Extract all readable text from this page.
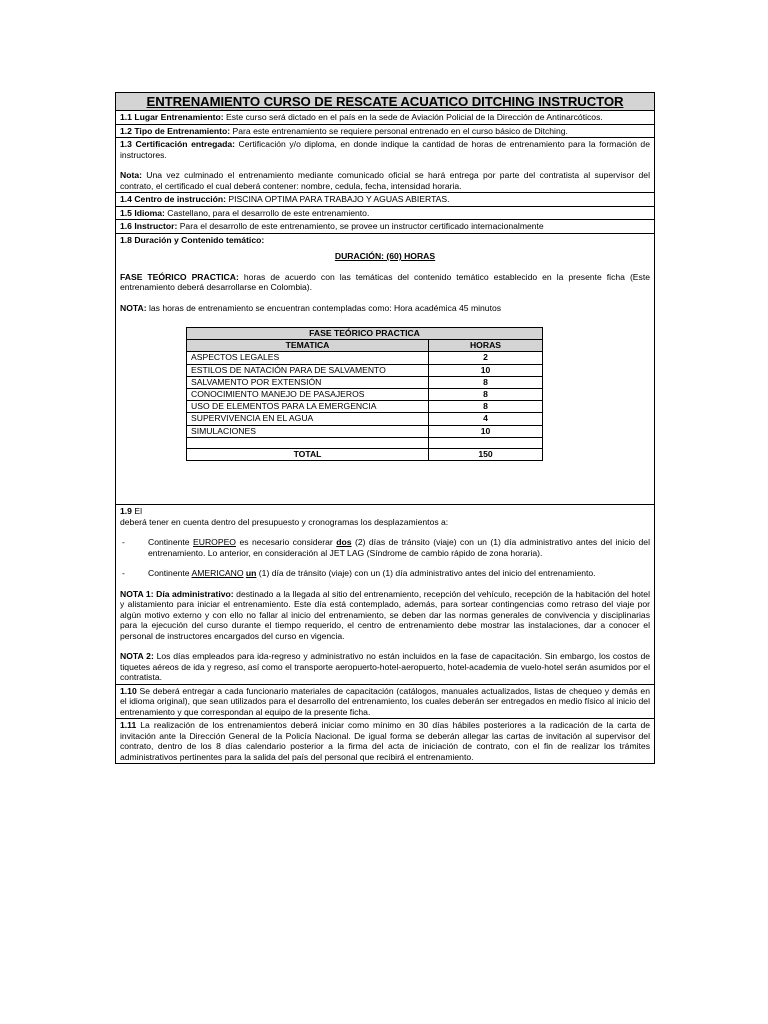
ENTRENAMIENTO CURSO DE RESCATE ACUATICO DITCHING INSTRUCTOR
1.1 Lugar Entrenamiento: Este curso será dictado en el país en la sede de Aviación Policial de la Dirección de Antinarcóticos.
1.2 Tipo de Entrenamiento: Para este entrenamiento se requiere personal entrenado en el curso básico de Ditching.

1.3 Certificación entregada: Certificación y/o diploma, en donde indique la cantidad de horas de entrenamiento para la formación de instructores.

Nota: Una vez culminado el entrenamiento mediante comunicado oficial se hará entrega por parte del contratista al supervisor del contrato, el certificado el cual deberá contener: nombre, cedula, fecha, intensidad horaria.

1.4 Centro de instrucción: PISCINA OPTIMA PARA TRABAJO Y AGUAS ABIERTAS.
1.5 Idioma: Castellano, para el desarrollo de este entrenamiento.
1.6 Instructor: Para el desarrollo de este entrenamiento, se provee un instructor certificado internacionalmente

1.8 Duración y Contenido temático:

DURACIÓN: (60) HORAS

FASE TEÓRICO PRACTICA: horas de acuerdo con las temáticas del contenido temático establecido en la presente ficha (Este entrenamiento deberá desarrollarse en Colombia).

NOTA: las horas de entrenamiento se encuentran contempladas como: Hora académica 45 minutos

FASE TEÓRICO PRACTICA	
TEMATICA	HORAS
ASPECTOS LEGALES	2
ESTILOS DE NATACIÓN PARA DE SALVAMENTO	10
SALVAMENTO POR EXTENSIÓN	8
CONOCIMIENTO MANEJO DE PASAJEROS	8
USO DE ELEMENTOS PARA LA EMERGENCIA	8
SUPERVIVENCIA EN EL AGUA	4
SIMULACIONES	10

TOTAL	150

1.9 El

deberá tener en cuenta dentro del presupuesto y cronogramas los desplazamientos a:

-	Continente EUROPEO es necesario considerar dos (2) días de tránsito (viaje) con un (1) día administrativo antes del inicio del entrenamiento. Lo anterior, en consideración al JET LAG (Síndrome de cambio rápido de zona horaria).
-	Continente AMERICANO un (1) día de tránsito (viaje) con un (1) día administrativo antes del inicio del entrenamiento.

NOTA 1: Día administrativo: destinado a la llegada al sitio del entrenamiento, recepción del vehículo, recepción de la habitación del hotel y alistamiento para iniciar el entrenamiento. Este día está contemplado, además, para sortear contingencias como retraso del viaje por algún motivo externo y con ello no fallar al inicio del entrenamiento, se deben dar las normas generales de convivencia y disciplinarias para la ejecución del curso durante el tiempo requerido, el centro de entrenamiento debe mostrar las instalaciones, dar a conocer el personal de instructores encargados del curso en vigencia.

NOTA 2: Los días empleados para ida-regreso y administrativo no están incluidos en la fase de capacitación. Sin embargo, los costos de tiquetes aéreos de ida y regreso, así como el transporte aeropuerto-hotel-aeropuerto, hotel-academia de vuelo-hotel serán asumidos por el contratista.

1.10 Se deberá entregar a cada funcionario materiales de capacitación (catálogos, manuales actualizados, listas de chequeo y demás en el idioma original), que sean utilizados para el desarrollo del entrenamiento, los cuales deberán ser entregados en medio físico al inicio del entrenamiento y que correspondan al equipo de la presente ficha.
1.11 La realización de los entrenamientos deberá iniciar como mínimo en 30 días hábiles posteriores a la radicación de la carta de invitación ante la Dirección General de la Policía Nacional. De igual forma se deberán allegar las cartas de invitación al supervisor del contrato, dentro de los 8 días calendario posterior a la firma del acta de iniciación de contrato, con el fin de realizar los trámites administrativos pertinentes para la salida del país del personal que recibirá el entrenamiento.
